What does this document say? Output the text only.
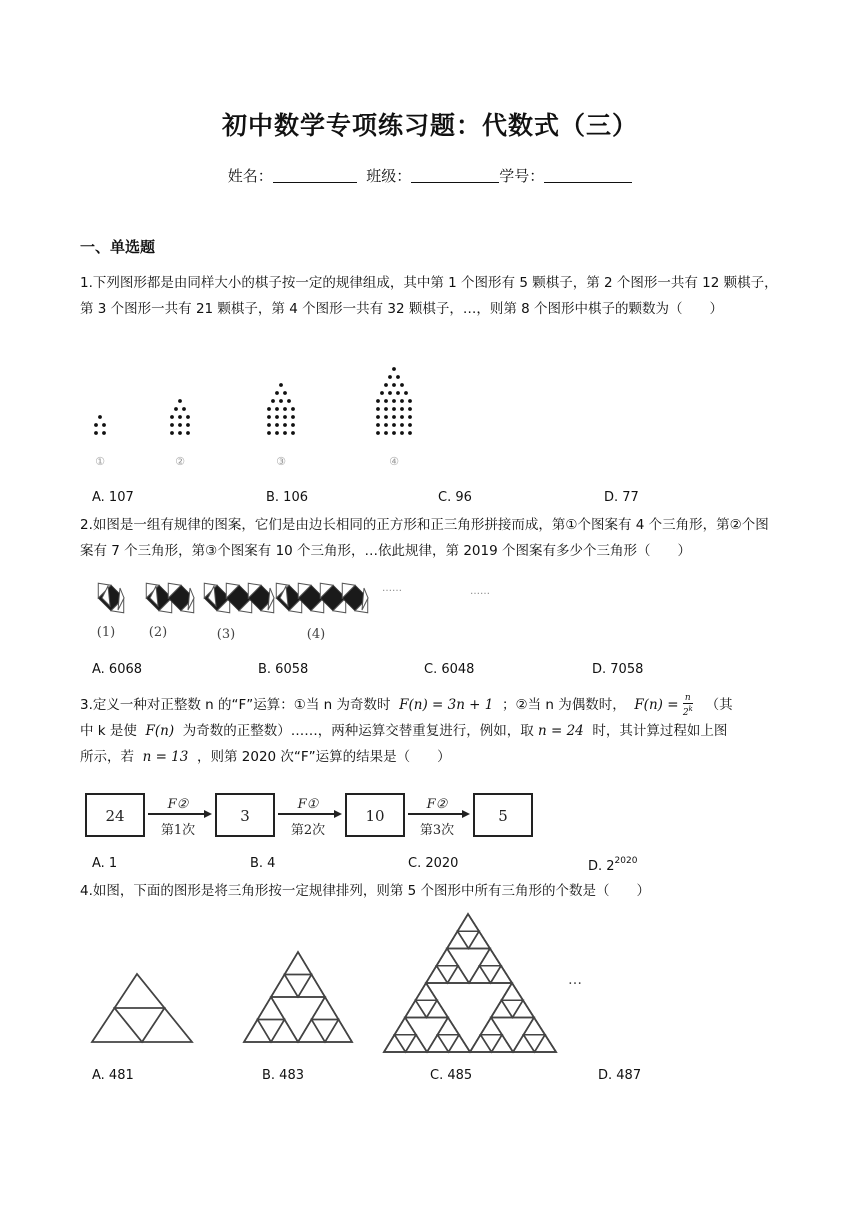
初中数学专项练习题：代数式（三）
姓名：	班级：	学号：
一、单选题
1.下列图形都是由同样大小的棋子按一定的规律组成，其中第 1 个图形有 5 颗棋子，第 2 个图形一共有 12 颗棋子，第 3 个图形一共有 21 颗棋子，第 4 个图形一共有 32 颗棋子，…，则第 8 个图形中棋子的颗数为（　　）
①	②	③	④
A. 107	B. 106	C. 96	D. 77
2.如图是一组有规律的图案，它们是由边长相同的正方形和正三角形拼接而成，第①个图案有 4 个三角形，第②个图案有 7 个三角形，第③个图案有 10 个三角形，…依此规律，第 2019 个图案有多少个三角形（　　）
……
(1)	(2)	(3)	(4)
……
A. 6068	B. 6058	C. 6048	D. 7058
3.定义一种对正整数 n 的“F”运算：①当 n 为奇数时 F(n) = 3n + 1 ；②当 n 为偶数时， F(n) = n
2$^k$ （其
中 k 是使 F(n) 为奇数的正整数）……，两种运算交替重复进行，例如，取 n = 24 时，其计算过程如上图
所示，若 n = 13 ，则第 2020 次“F”运算的结果是（　　）
24	3	10	5
F②	F①	F②
第1次	第2次	第3次
A. 1	B. 4	C. 2020	D. $2^{2020}$
4.如图，下面的图形是将三角形按一定规律排列，则第 5 个图形中所有三角形的个数是（　　）
…
A. 481	B. 483	C. 485	D. 487
